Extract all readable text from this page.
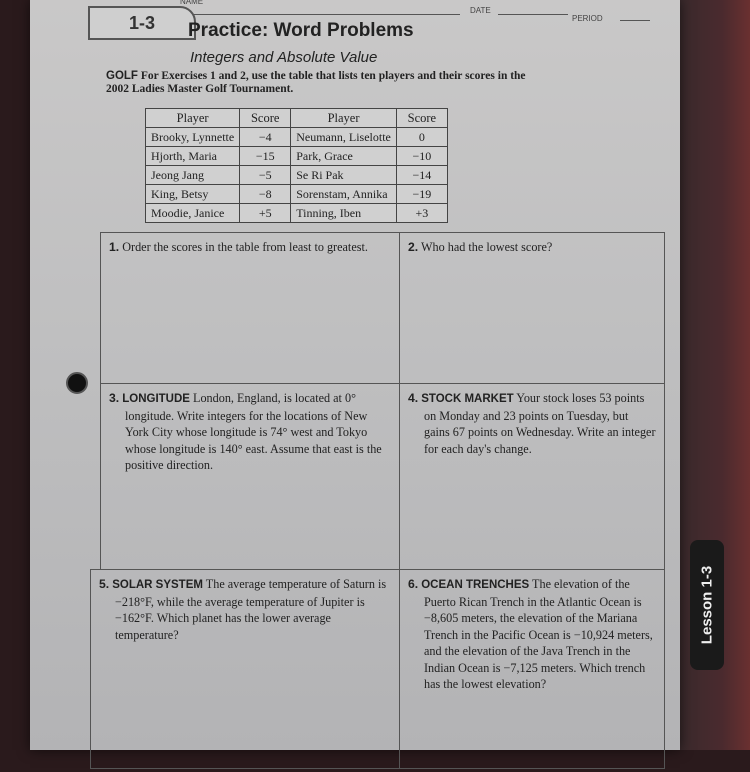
NAME
DATE
PERIOD
1-3	Practice: Word Problems
Integers and Absolute Value
GOLF For Exercises 1 and 2, use the table that lists ten players and their scores in the 2002 Ladies Master Golf Tournament.
Player	Score	Player	Score
Brooky, Lynnette	−4	Neumann, Liselotte	0
Hjorth, Maria	−15	Park, Grace	−10
Jeong Jang	−5	Se Ri Pak	−14
King, Betsy	−8	Sorenstam, Annika	−19
Moodie, Janice	+5	Tinning, Iben	+3
1. Order the scores in the table from least to greatest.	2. Who had the lowest score?
3. LONGITUDE London, England, is located at 0° longitude. Write integers for the locations of New York City whose longitude is 74° west and Tokyo whose longitude is 140° east. Assume that east is the positive direction.
4. STOCK MARKET Your stock loses 53 points on Monday and 23 points on Tuesday, but gains 67 points on Wednesday. Write an integer for each day's change.
5. SOLAR SYSTEM The average temperature of Saturn is −218°F, while the average temperature of Jupiter is −162°F. Which planet has the lower average temperature?
6. OCEAN TRENCHES The elevation of the Puerto Rican Trench in the Atlantic Ocean is −8,605 meters, the elevation of the Mariana Trench in the Pacific Ocean is −10,924 meters, and the elevation of the Java Trench in the Indian Ocean is −7,125 meters. Which trench has the lowest elevation?
Lesson 1-3
